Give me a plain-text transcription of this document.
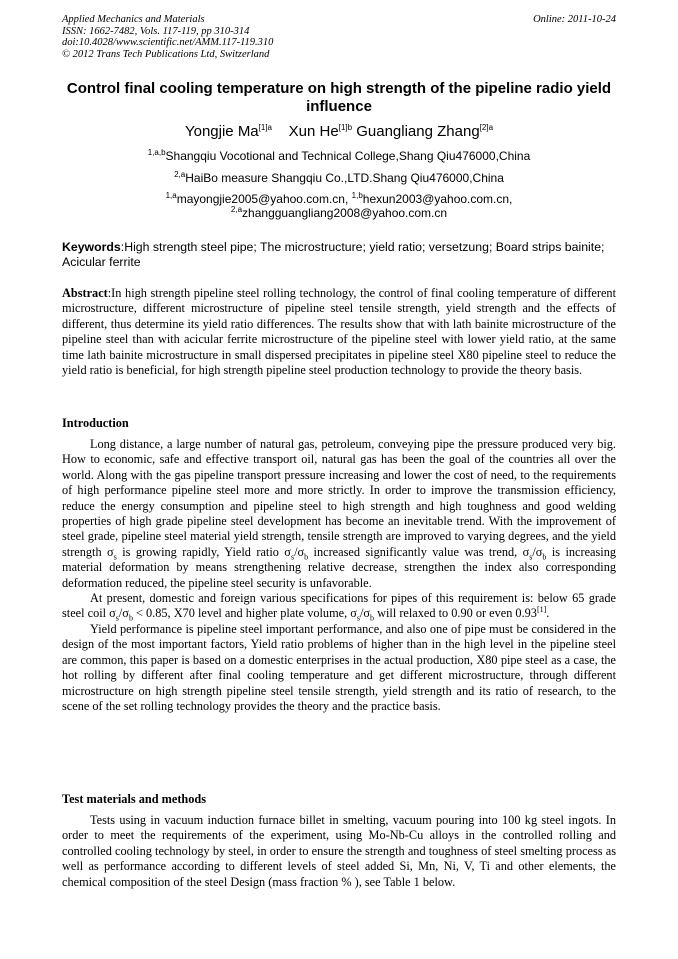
Applied Mechanics and Materials
ISSN: 1662-7482, Vols. 117-119, pp 310-314
doi:10.4028/www.scientific.net/AMM.117-119.310
© 2012 Trans Tech Publications Ltd, Switzerland
Online: 2011-10-24
Control final cooling temperature on high strength of the pipeline radio yield influence
Yongjie $Ma^{[1]a}$ Xun $He^{[1]b}$ Guangliang Zhang$^{[2]a}$
$^{1,a,b}$Shangqiu Vocotional and Technical College,Shang Qiu476000,China
$^{2,a}$HaiBo measure Shangqiu Co.,LTD.Shang Qiu476000,China
$^{1,a}$mayongjie2005@yahoo.com.cn, $^{1,b}$hexun2003@yahoo.com.cn,
$^{2,a}$zhangguangliang2008@yahoo.com.cn
Keywords:High strength steel pipe; The microstructure; yield ratio; versetzung; Board strips bainite; Acicular ferrite
Abstract:In high strength pipeline steel rolling technology, the control of final cooling temperature of different microstructure, different microstructure of pipeline steel tensile strength, yield strength and the effects of different, thus determine its yield ratio differences. The results show that with lath bainite microstructure of the pipeline steel than with acicular ferrite microstructure of the pipeline steel with lower yield ratio, at the same time lath bainite microstructure in small dispersed precipitates in pipeline steel X80 pipeline steel to reduce the yield ratio is beneficial, for high strength pipeline steel production technology to provide the theory basis.
Introduction

Long distance, a large number of natural gas, petroleum, conveying pipe the pressure produced very big. How to economic, safe and effective transport oil, natural gas has been the goal of the countries all over the world. Along with the gas pipeline transport pressure increasing and lower the cost of need, to the requirements of high performance pipeline steel more and more strictly. In order to improve the transmission efficiency, reduce the energy consumption and pipeline steel to high strength and high toughness and good welding properties of high grade pipeline steel development has become an inevitable trend. With the improvement of steel grade, pipeline steel material yield strength, tensile strength are improved to varying degrees, and the yield strength $\sigma_s$ is growing rapidly, Yield ratio $\sigma_s/\sigma_b$ increased significantly value was trend, $\sigma_s/\sigma_b$ is increasing material deformation by means strengthening relative decrease, strengthen the index also corresponding deformation reduced, the pipeline steel security is unfavorable.

At present, domestic and foreign various specifications for pipes of this requirement is: below 65 grade steel coil $\sigma_s/\sigma_b < 0.85$, X70 level and higher plate volume, $\sigma_s/\sigma_b$ will relaxed to 0.90 or even 0.93[1].

Yield performance is pipeline steel important performance, and also one of pipe must be considered in the design of the most important factors, Yield ratio problems of higher than in the high level in the pipeline steel are common, this paper is based on a domestic enterprises in the actual production, X80 pipe steel as a case, the hot rolling by different after final cooling temperature and get different microstructure, through different microstructure on high strength pipeline steel tensile strength, yield strength and its ratio of research, to the scene of the set rolling technology provides the theory and the practice basis.

Test materials and methods

Tests using in vacuum induction furnace billet in smelting, vacuum pouring into 100 kg steel ingots. In order to meet the requirements of the experiment, using Mo-Nb-Cu alloys in the controlled rolling and controlled cooling technology by steel, in order to ensure the strength and toughness of steel smelting process as well as performance according to different levels of steel added Si, Mn, Ni, V, Ti and other elements, the chemical composition of the steel Design (mass fraction % ), see Table 1 below.
